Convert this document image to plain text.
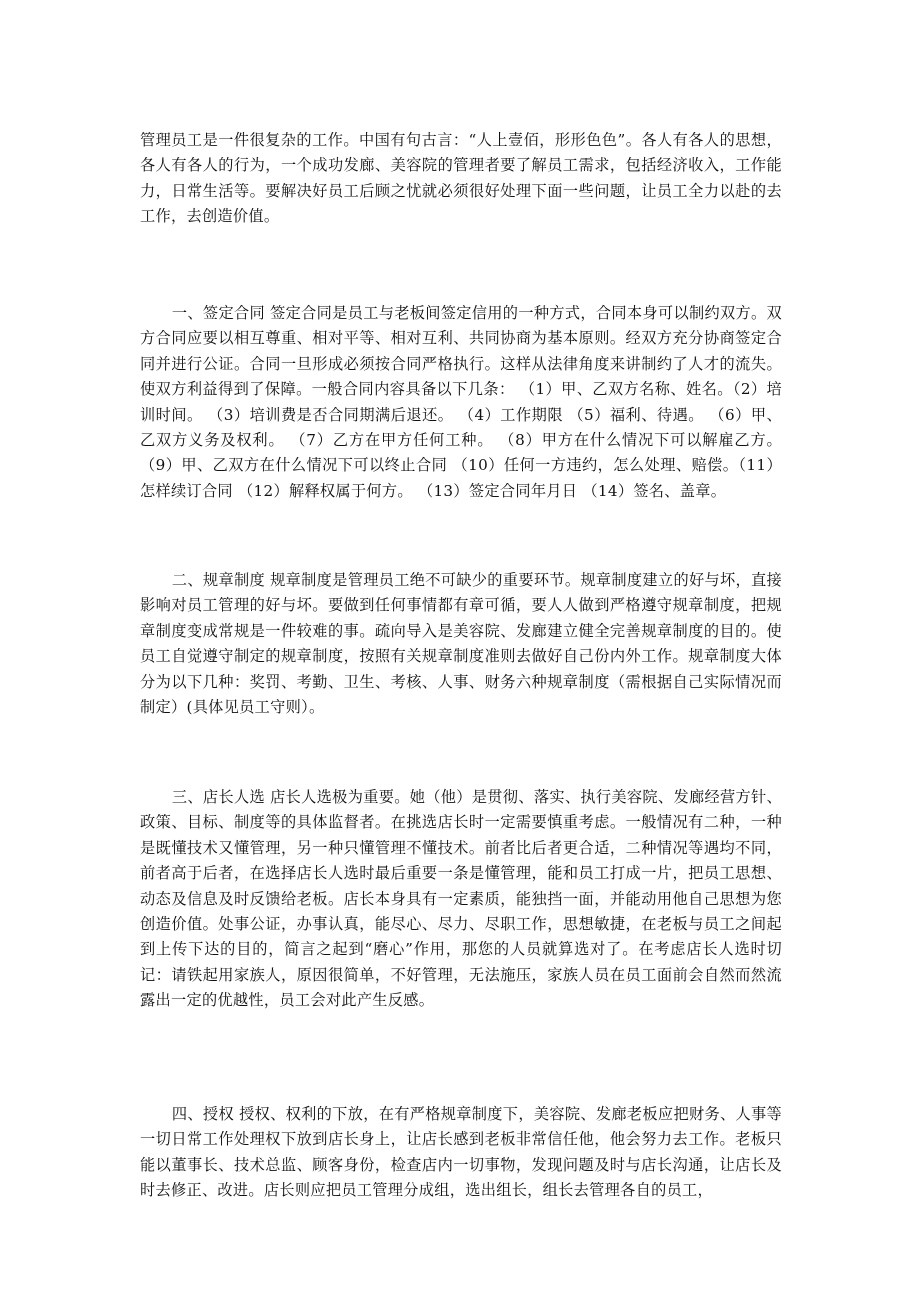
管理员工是一件很复杂的工作。中国有句古言：“人上壹佰，形形色色”。各人有各人的思想，各人有各人的行为，一个成功发廊、美容院的管理者要了解员工需求，包括经济收入，工作能力，日常生活等。要解决好员工后顾之忧就必须很好处理下面一些问题，让员工全力以赴的去工作，去创造价值。

一、签定合同 签定合同是员工与老板间签定信用的一种方式，合同本身可以制约双方。双方合同应要以相互尊重、相对平等、相对互利、共同协商为基本原则。经双方充分协商签定合同并进行公证。合同一旦形成必须按合同严格执行。这样从法律角度来讲制约了人才的流失。使双方利益得到了保障。一般合同内容具备以下几条： （1）甲、乙双方名称、姓名。（2）培训时间。 （3）培训费是否合同期满后退还。 （4）工作期限 （5）福利、待遇。 （6）甲、乙双方义务及权利。 （7）乙方在甲方任何工种。 （8）甲方在什么情况下可以解雇乙方。 （9）甲、乙双方在什么情况下可以终止合同 （10）任何一方违约，怎么处理、赔偿。（11）怎样续订合同 （12）解释权属于何方。 （13）签定合同年月日 （14）签名、盖章。

二、规章制度 规章制度是管理员工绝不可缺少的重要环节。规章制度建立的好与坏，直接影响对员工管理的好与坏。要做到任何事情都有章可循，要人人做到严格遵守规章制度，把规章制度变成常规是一件较难的事。疏向导入是美容院、发廊建立健全完善规章制度的目的。使员工自觉遵守制定的规章制度，按照有关规章制度准则去做好自己份内外工作。规章制度大体分为以下几种：奖罚、考勤、卫生、考核、人事、财务六种规章制度（需根据自己实际情况而制定）(具体见员工守则）。

三、店长人选 店长人选极为重要。她（他）是贯彻、落实、执行美容院、发廊经营方针、政策、目标、制度等的具体监督者。在挑选店长时一定需要慎重考虑。一般情况有二种，一种是既懂技术又懂管理，另一种只懂管理不懂技术。前者比后者更合适，二种情况等遇均不同，前者高于后者，在选择店长人选时最后重要一条是懂管理，能和员工打成一片，把员工思想、动态及信息及时反馈给老板。店长本身具有一定素质，能独挡一面，并能动用他自己思想为您创造价值。处事公证，办事认真，能尽心、尽力、尽职工作，思想敏捷，在老板与员工之间起到上传下达的目的，简言之起到“磨心”作用，那您的人员就算选对了。在考虑店长人选时切记：请铁起用家族人，原因很简单，不好管理，无法施压，家族人员在员工面前会自然而然流露出一定的优越性，员工会对此产生反感。

四、授权 授权、权利的下放，在有严格规章制度下，美容院、发廊老板应把财务、人事等一切日常工作处理权下放到店长身上，让店长感到老板非常信任他，他会努力去工作。老板只能以董事长、技术总监、顾客身份，检查店内一切事物，发现问题及时与店长沟通，让店长及时去修正、改进。店长则应把员工管理分成组，选出组长，组长去管理各自的员工，
